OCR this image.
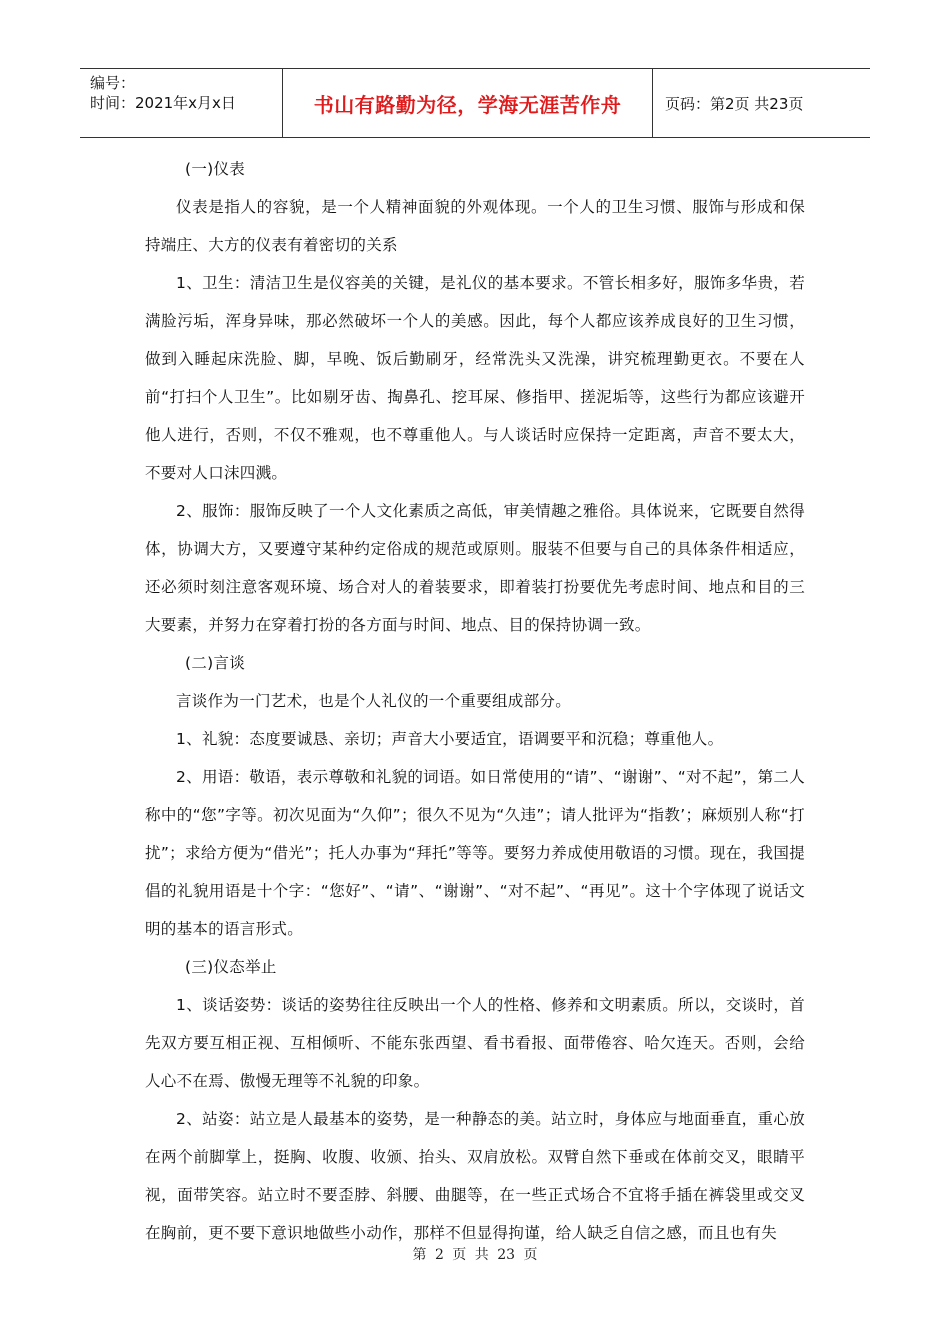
编号：
时间：2021年x月x日	书山有路勤为径，学海无涯苦作舟	页码：第2页 共23页

(一)仪表

仪表是指人的容貌，是一个人精神面貌的外观体现。一个人的卫生习惯、服饰与形成和保持端庄、大方的仪表有着密切的关系

1、卫生：清洁卫生是仪容美的关键，是礼仪的基本要求。不管长相多好，服饰多华贵，若满脸污垢，浑身异味，那必然破坏一个人的美感。因此，每个人都应该养成良好的卫生习惯，做到入睡起床洗脸、脚，早晚、饭后勤刷牙，经常洗头又洗澡，讲究梳理勤更衣。不要在人前“打扫个人卫生”。比如剔牙齿、掏鼻孔、挖耳屎、修指甲、搓泥垢等，这些行为都应该避开他人进行，否则，不仅不雅观，也不尊重他人。与人谈话时应保持一定距离，声音不要太大，不要对人口沫四溅。

2、服饰：服饰反映了一个人文化素质之高低，审美情趣之雅俗。具体说来，它既要自然得体，协调大方，又要遵守某种约定俗成的规范或原则。服装不但要与自己的具体条件相适应，还必须时刻注意客观环境、场合对人的着装要求，即着装打扮要优先考虑时间、地点和目的三大要素，并努力在穿着打扮的各方面与时间、地点、目的保持协调一致。

(二)言谈

言谈作为一门艺术，也是个人礼仪的一个重要组成部分。

1、礼貌：态度要诚恳、亲切；声音大小要适宜，语调要平和沉稳；尊重他人。

2、用语：敬语，表示尊敬和礼貌的词语。如日常使用的“请”、“谢谢”、“对不起”，第二人称中的“您”字等。初次见面为“久仰”；很久不见为“久违”；请人批评为“指教’；麻烦别人称“打扰”；求给方便为“借光”；托人办事为“拜托”等等。要努力养成使用敬语的习惯。现在，我国提倡的礼貌用语是十个字：“您好”、“请”、“谢谢”、“对不起”、“再见”。这十个字体现了说话文明的基本的语言形式。

(三)仪态举止

1、谈话姿势：谈话的姿势往往反映出一个人的性格、修养和文明素质。所以，交谈时，首先双方要互相正视、互相倾听、不能东张西望、看书看报、面带倦容、哈欠连天。否则，会给人心不在焉、傲慢无理等不礼貌的印象。

2、站姿：站立是人最基本的姿势，是一种静态的美。站立时，身体应与地面垂直，重心放在两个前脚掌上，挺胸、收腹、收颁、抬头、双肩放松。双臂自然下垂或在体前交叉，眼睛平视，面带笑容。站立时不要歪脖、斜腰、曲腿等，在一些正式场合不宜将手插在裤袋里或交叉在胸前，更不要下意识地做些小动作，那样不但显得拘谨，给人缺乏自信之感，而且也有失

第 2 页 共 23 页
